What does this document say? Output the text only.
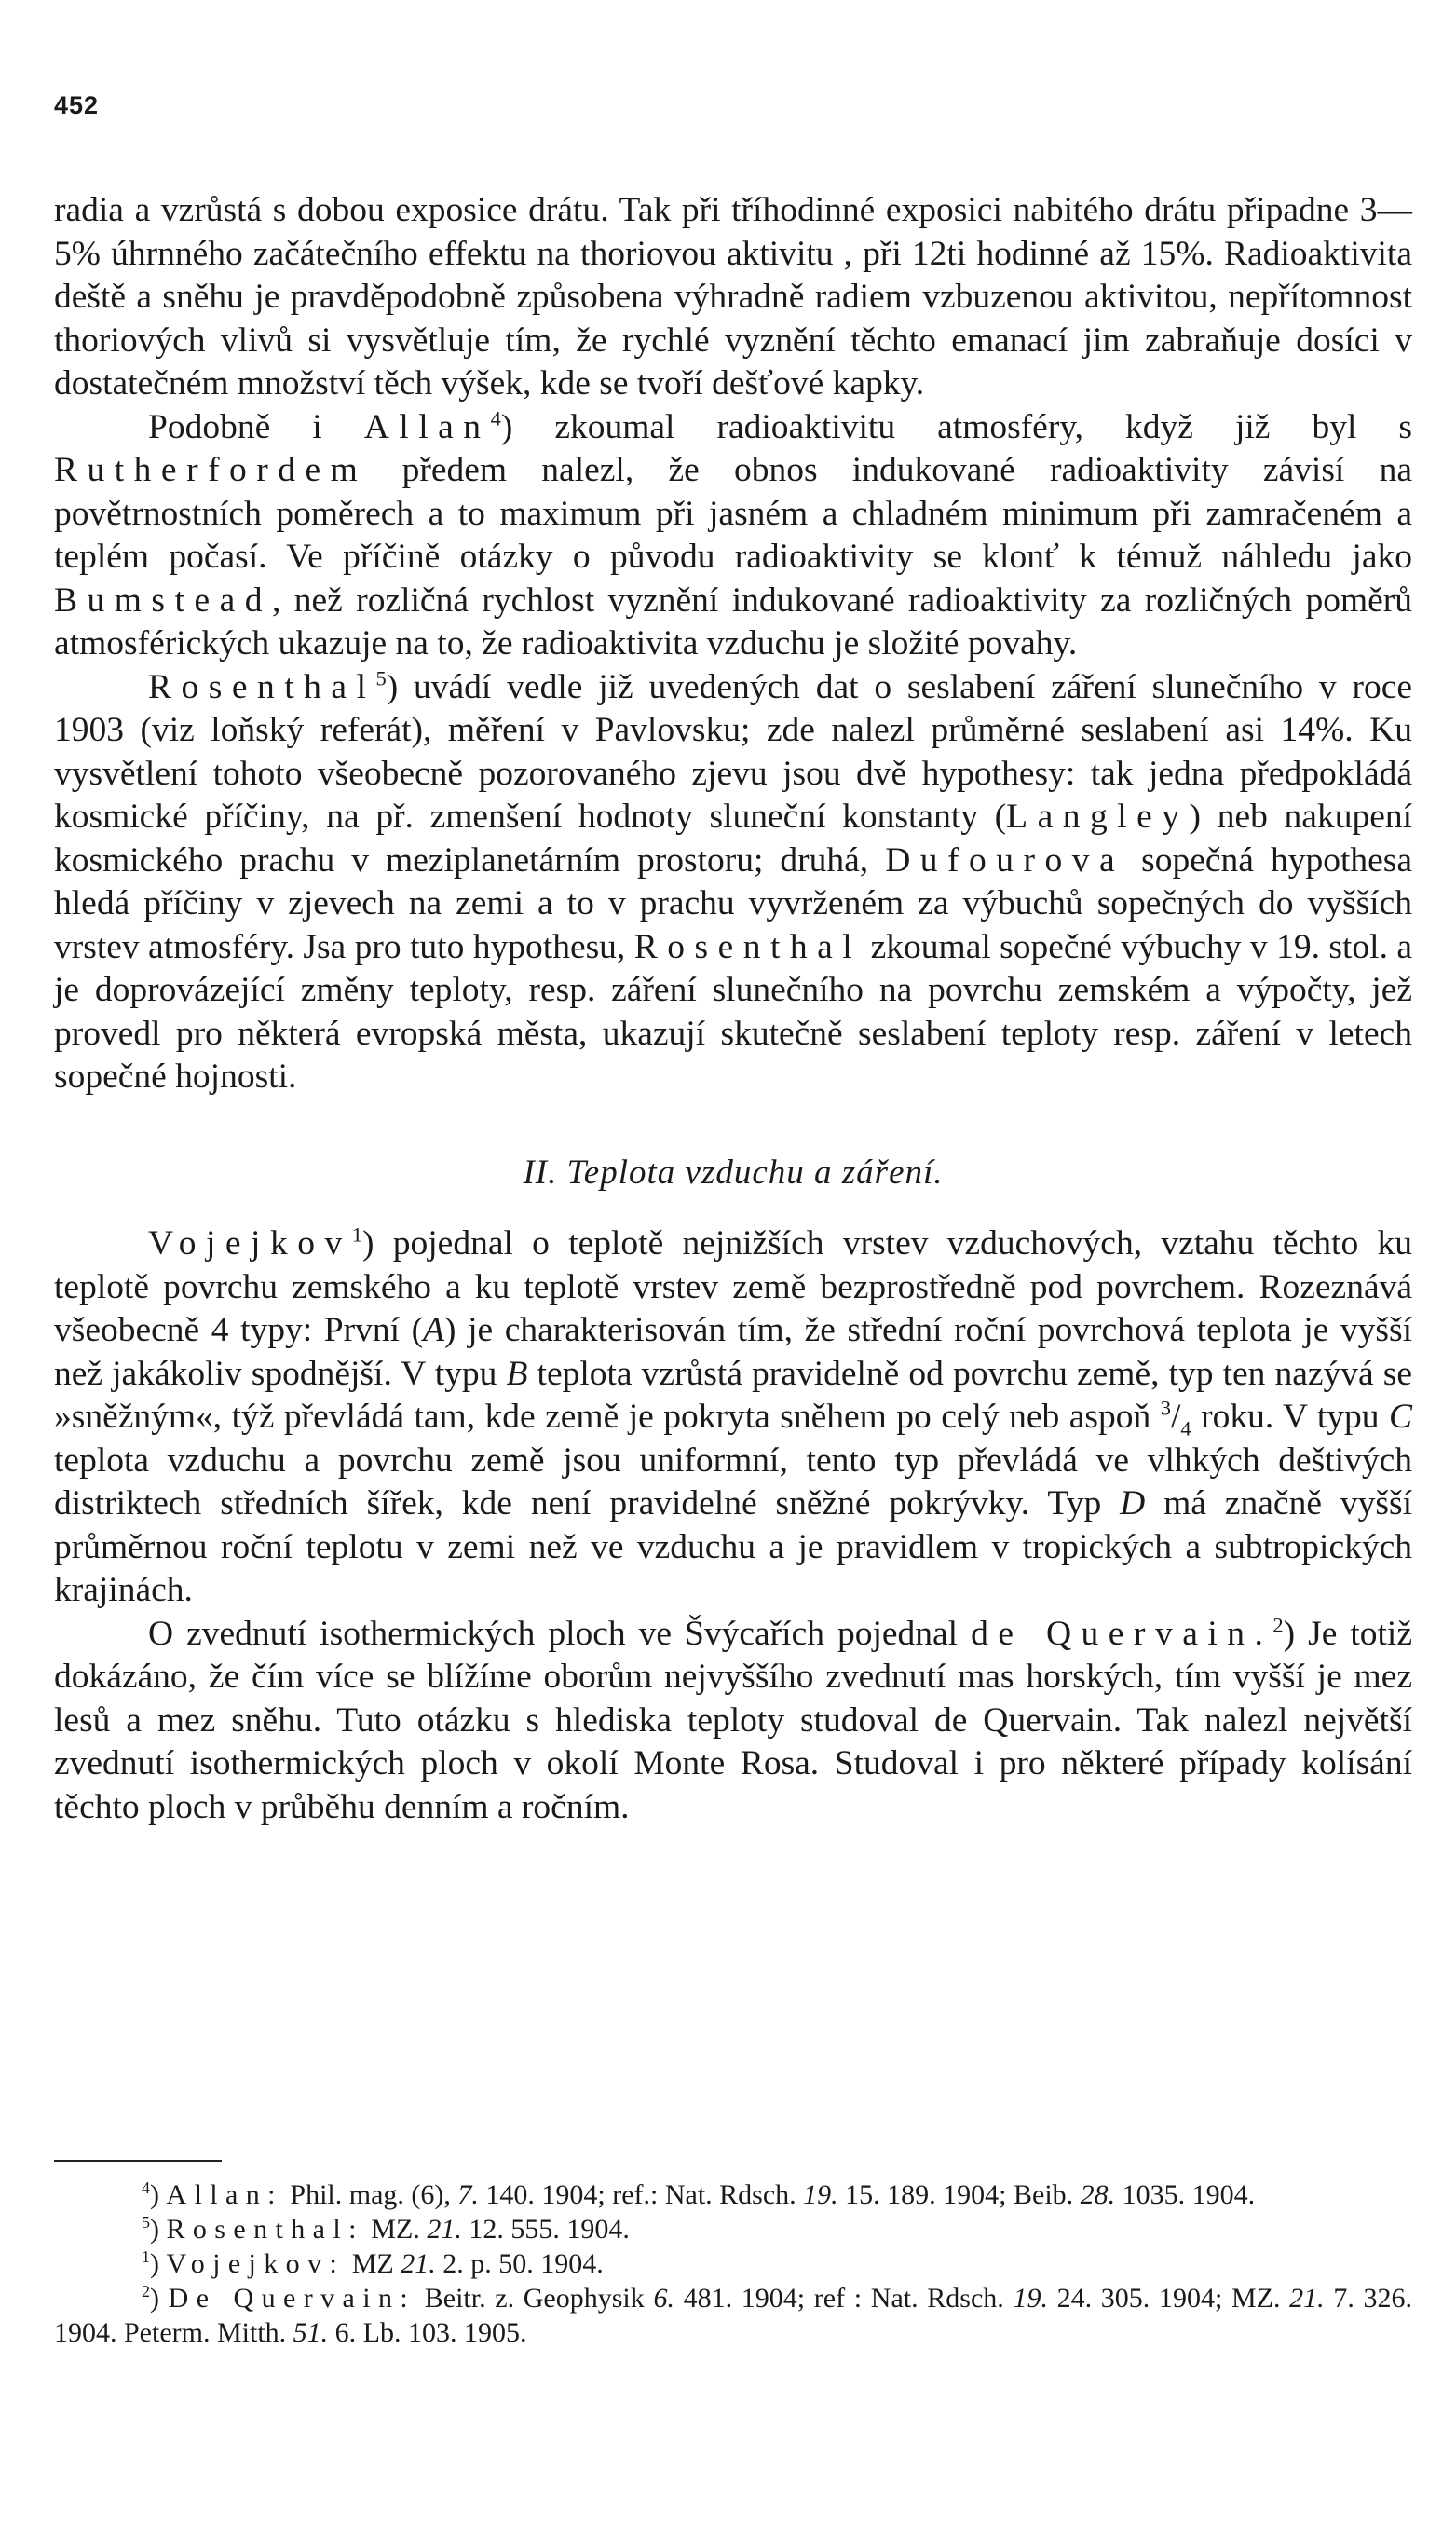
452

radia a vzrůstá s dobou exposice drátu. Tak při tříhodinné exposici nabitého drátu připadne 3—5% úhrnného začátečního effektu na thoriovou aktivitu , při 12ti hodinné až 15%. Radioaktivita deště a sněhu je pravděpodobně způsobena výhradně radiem vzbuzenou aktivitou, nepřítomnost thoriových vlivů si vysvětluje tím, že rychlé vyznění těchto emanací jim zabraňuje dosíci v dostatečném množství těch výšek, kde se tvoří dešťové kapky.

Podobně i Allan$^4$) zkoumal radioaktivitu atmosféry, když již byl s Rutherfordem předem nalezl, že obnos indukované radioaktivity závisí na povětrnostních poměrech a to maximum při jasném a chladném minimum při zamračeném a teplém počasí. Ve příčině otázky o původu radioaktivity se klonť k témuž náhledu jako Bumstead, než rozličná rychlost vyznění indukované radioaktivity za rozličných poměrů atmosférických ukazuje na to, že radioaktivita vzduchu je složité povahy.

Rosenthal$^5$) uvádí vedle již uvedených dat o seslabení záření slunečního v roce 1903 (viz loňský referát), měření v Pavlovsku; zde nalezl průměrné seslabení asi 14%. Ku vysvětlení tohoto všeobecně pozorovaného zjevu jsou dvě hypothesy: tak jedna předpokládá kosmické příčiny, na př. zmenšení hodnoty sluneční konstanty (Langley) neb nakupení kosmického prachu v meziplanetárním prostoru; druhá, Dufourova sopečná hypothesa hledá příčiny v zjevech na zemi a to v prachu vyvrženém za výbuchů sopečných do vyšších vrstev atmosféry. Jsa pro tuto hypothesu, Rosenthal zkoumal sopečné výbuchy v 19. stol. a je doprovázející změny teploty, resp. záření slunečního na povrchu zemském a výpočty, jež provedl pro některá evropská města, ukazují skutečně seslabení teploty resp. záření v letech sopečné hojnosti.

II. Teplota vzduchu a záření.

Vojejkov$^1$) pojednal o teplotě nejnižších vrstev vzduchových, vztahu těchto ku teplotě povrchu zemského a ku teplotě vrstev země bezprostředně pod povrchem. Rozeznává všeobecně 4 typy: První (A) je charakterisován tím, že střední roční povrchová teplota je vyšší než jakákoliv spodnější. V typu B teplota vzrůstá pravidelně od povrchu země, typ ten nazývá se »sněžným«, týž převládá tam, kde země je pokryta sněhem po celý neb aspoň $^3/_4$ roku. V typu C teplota vzduchu a povrchu země jsou uniformní, tento typ převládá ve vlhkých deštivých distriktech středních šířek, kde není pravidelné sněžné pokrývky. Typ D má značně vyšší průměrnou roční teplotu v zemi než ve vzduchu a je pravidlem v tropických a subtropických krajinách.

O zvednutí isothermických ploch ve Švýcařích pojednal de Quervain.$^2$) Je totiž dokázáno, že čím více se blížíme oborům nejvyššího zvednutí mas horských, tím vyšší je mez lesů a mez sněhu. Tuto otázku s hlediska teploty studoval de Quervain. Tak nalezl největší zvednutí isothermických ploch v okolí Monte Rosa. Studoval i pro některé případy kolísání těchto ploch v průběhu denním a ročním.

$^4$) Allan: Phil. mag. (6), 7. 140. 1904; ref.: Nat. Rdsch. 19. 15. 189. 1904; Beib. 28. 1035. 1904.

$^5$) Rosenthal: MZ. 21. 12. 555. 1904.

$^1$) Vojejkov: MZ 21. 2. p. 50. 1904.

$^2$) De Quervain: Beitr. z. Geophysik 6. 481. 1904; ref : Nat. Rdsch. 19. 24. 305. 1904; MZ. 21. 7. 326. 1904. Peterm. Mitth. 51. 6. Lb. 103. 1905.
